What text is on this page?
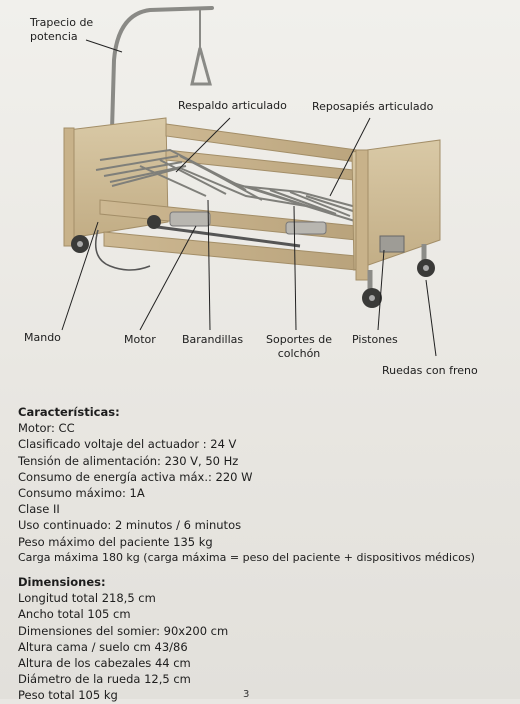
Trapecio de
potencia
Respaldo articulado Reposapiés articulado
Mando	Motor Barandillas Soportes de
colchón
Pistones
Ruedas con freno
Características:
Motor: CC
Clasificado voltaje del actuador : 24 V
Tensión de alimentación: 230 V, 50 Hz
Consumo de energía activa máx.: 220 W
Consumo máximo: 1A
Clase II
Uso continuado: 2 minutos / 6 minutos
Peso máximo del paciente 135 kg
Carga máxima 180 kg (carga máxima = peso del paciente + dispositivos médicos)
Dimensiones:
Longitud total 218,5 cm
Ancho total 105 cm
Dimensiones del somier: 90x200 cm
Altura cama / suelo cm 43/86
Altura de los cabezales 44 cm
Diámetro de la rueda 12,5 cm
Peso total 105 kg	3
